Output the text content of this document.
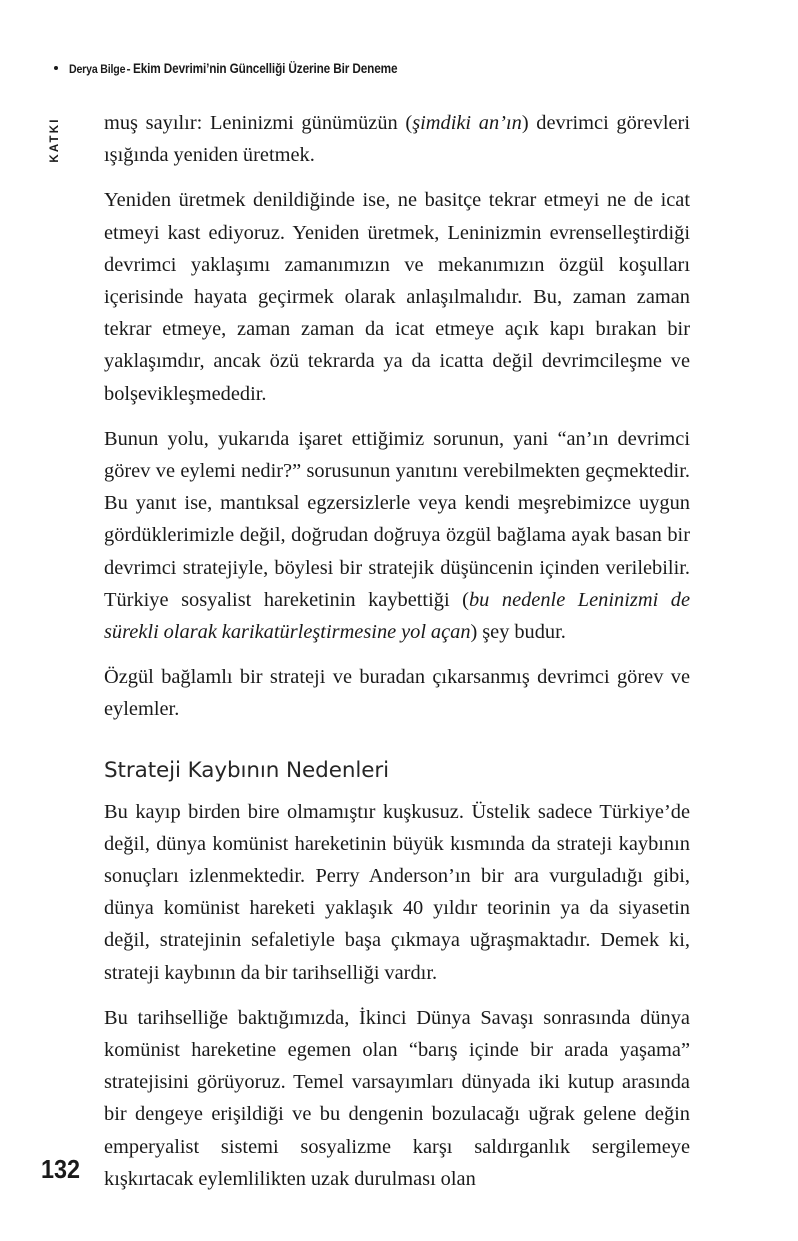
Derya Bilge - Ekim Devrimi’nin Güncelliği Üzerine Bir Deneme
KATKI muş sayılır: Leninizmi günümüzün (şimdiki an’ın) devrimci görevleri ışığında yeniden üretmek.

Yeniden üretmek denildiğinde ise, ne basitçe tekrar etmeyi ne de icat etmeyi kast ediyoruz. Yeniden üretmek, Leninizmin evrenselleştirdiği devrimci yaklaşımı zamanımızın ve mekanımızın özgül koşulları içerisinde hayata geçirmek olarak anlaşılmalıdır. Bu, zaman zaman tekrar etmeye, zaman zaman da icat etmeye açık kapı bırakan bir yaklaşımdır, ancak özü tekrarda ya da icatta değil devrimcileşme ve bolşevikleşmededir.

Bunun yolu, yukarıda işaret ettiğimiz sorunun, yani “an’ın devrimci görev ve eylemi nedir?” sorusunun yanıtını verebilmekten geçmektedir. Bu yanıt ise, mantıksal egzersizlerle veya kendi meşrebimizce uygun gördüklerimizle değil, doğrudan doğruya özgül bağlama ayak basan bir devrimci stratejiyle, böylesi bir stratejik düşüncenin içinden verilebilir. Türkiye sosyalist hareketinin kaybettiği (bu nedenle Leninizmi de sürekli olarak karikatürleştirmesine yol açan) şey budur.

Özgül bağlamlı bir strateji ve buradan çıkarsanmış devrimci görev ve eylemler.

Strateji Kaybının Nedenleri

Bu kayıp birden bire olmamıştır kuşkusuz. Üstelik sadece Türkiye’de değil, dünya komünist hareketinin büyük kısmında da strateji kaybının sonuçları izlenmektedir. Perry Anderson’ın bir ara vurguladığı gibi, dünya komünist hareketi yaklaşık 40 yıldır teorinin ya da siyasetin değil, stratejinin sefaletiyle başa çıkmaya uğraşmaktadır. Demek ki, strateji kaybının da bir tarihselliği vardır.

Bu tarihselliğe baktığımızda, İkinci Dünya Savaşı sonrasında dünya komünist hareketine egemen olan “barış içinde bir arada yaşama” stratejisini görüyoruz. Temel varsayımları dünyada iki kutup arasında bir dengeye erişildiği ve bu dengenin bozulacağı uğrak gelene değin emperyalist sistemi sosyalizme karşı saldırganlık sergilemeye kışkırtacak eylemlilikten uzak durulması olan

132
